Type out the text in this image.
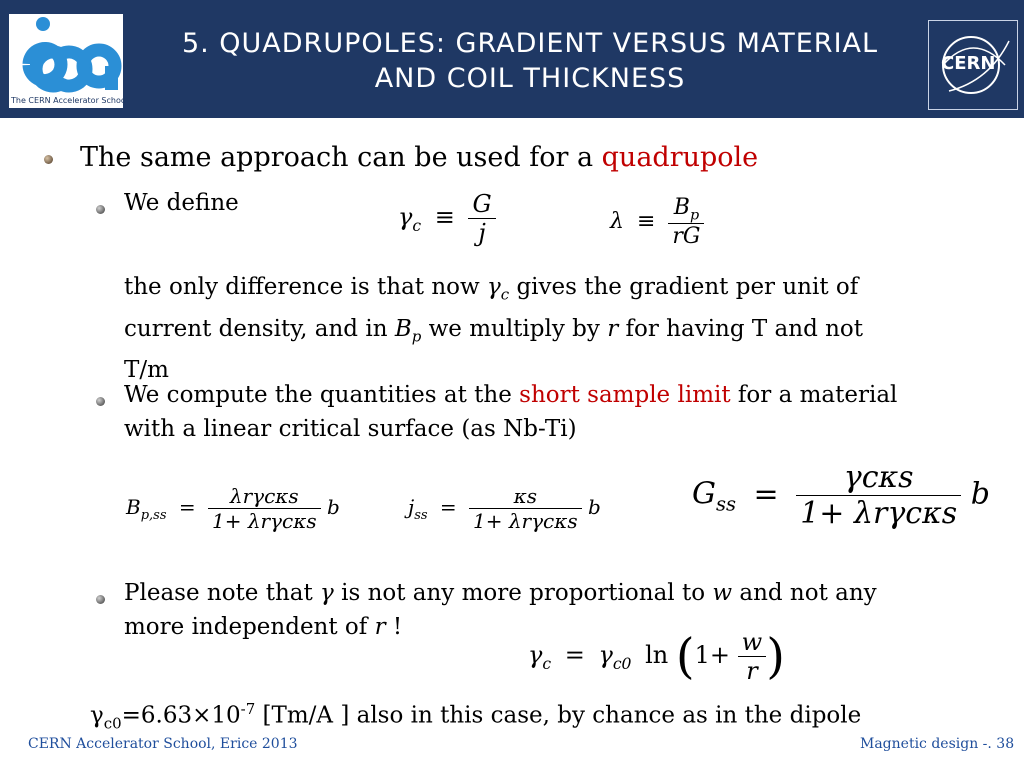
The CERN Accelerator School
5. QUADRUPOLES: GRADIENT VERSUS MATERIAL
AND COIL THICKNESS	CERN
The same approach can be used for a quadrupole
We define	$\gamma_c \equiv \frac{G}{j}$	$\lambda \equiv \frac{B_p}{rG}$
the only difference is that now $\gamma_c$ gives the gradient per unit of
current density, and in $B_p$ we multiply by r for having T and not
T/m
We compute the quantities at the short sample limit for a material
with a linear critical surface (as Nb-Ti)
$B_{p,ss} = \frac{\text{λrγcκs}}{\text{1+ λrγcκs}}$ b	$j_{ss} = \frac{\kappa s}{\text{1+ λrγcκs}}$ b	$G_{ss} = \frac{\text{γcκs}}{\text{1+ λrγcκs}}$ b
Please note that γ is not any more proportional to w and not any
more independent of r !
$\gamma_c = \gamma_{c0}$ $\ln (1+ \frac{w}{r}$ )
$\gamma_{c0}=6.63\times 10^{-7}$ [Tm/A ] also in this case, by chance as in the dipole
CERN Accelerator School, Erice 2013	Magnetic design -. 38
